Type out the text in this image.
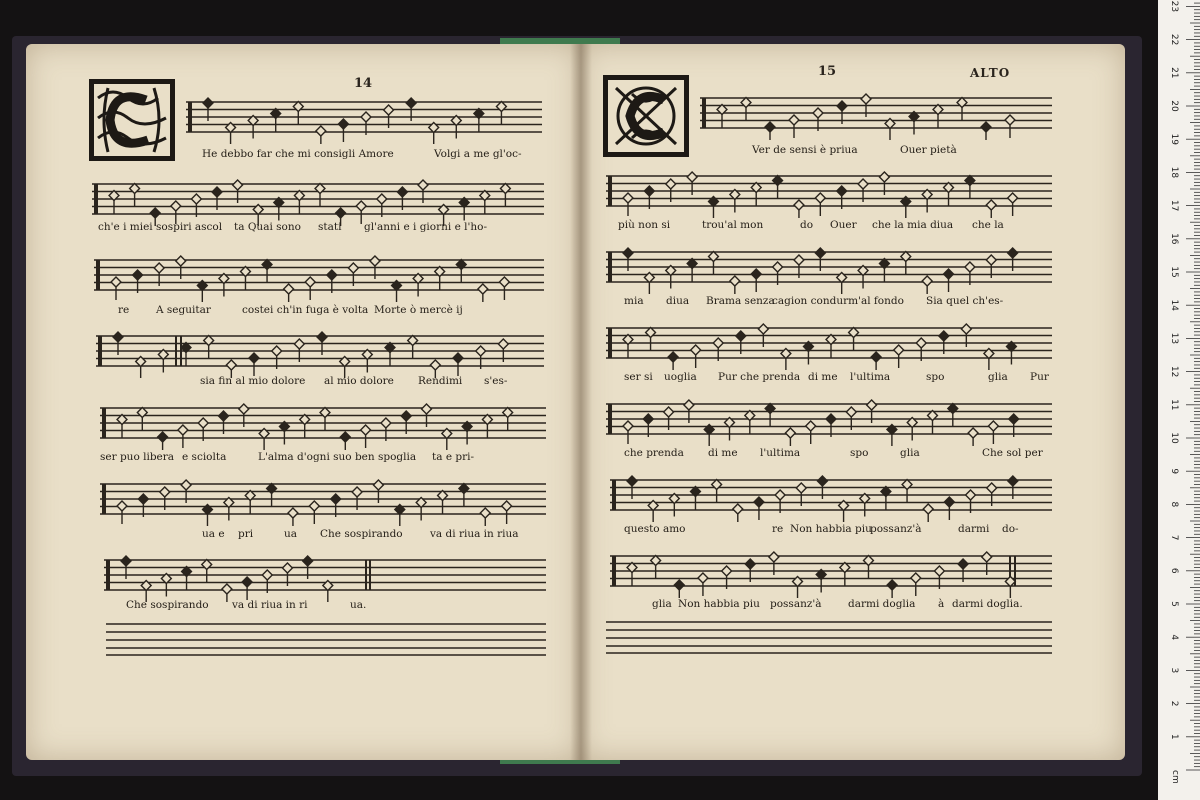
14
He debbo far che mi consigli Amore	Volgi a me gl'oc-
ch'e i miei sospiri ascol ta Quai sono stati gl'anni e i giorni e l'ho-
re	A seguitar	costei ch'in fuga è volta Morte ò mercè ij
sia fin al mio dolore al mio dolore Rendimi s'es-
ser puo libera e sciolta	L'alma d'ogni suo ben spoglia ta e pri-
ua e pri	ua Che sospirando	va di riua in riua
Che sospirando va di riua in ri	ua.
15	ALTO
Ver de sensi è priua	Ouer pietà
più non si	trou'al mon	do Ouer che la mia diua che la
mia diua Brama senza
cagion condurm'al fondo Sia quel ch'es-
ser si uoglia Pur che prenda di me l'ultima	spo	glia Pur
che prenda di me l'ultima	spo	glia	Che sol per
questo amo	re Non habbia piu
possanz'à	darmi do-
glia Non habbia piu possanz'à	darmi doglia à darmi doglia.
1
2
3
4
5
6
7
8
9
10
11
12
13
14
15
16
17
18
19
20
21
22
23
cm
